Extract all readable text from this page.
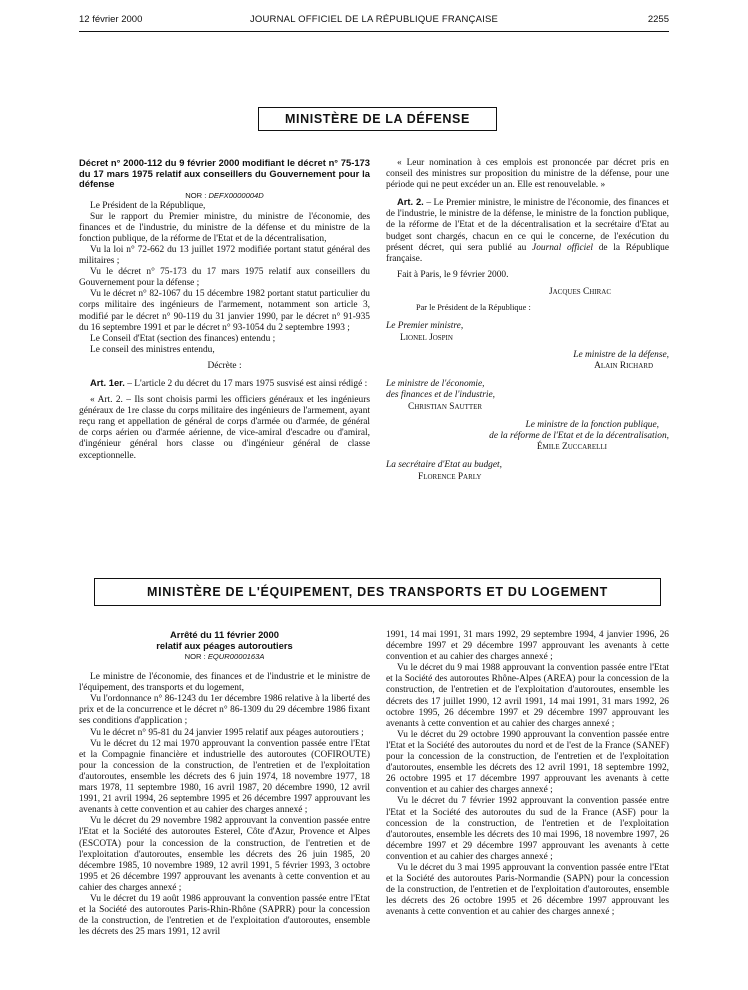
12 février 2000	JOURNAL OFFICIEL DE LA RÉPUBLIQUE FRANÇAISE	2255
MINISTÈRE DE LA DÉFENSE

Décret n° 2000-112 du 9 février 2000 modifiant le décret n° 75-173 du 17 mars 1975 relatif aux conseillers du Gouvernement pour la défense

NOR : DEFX0000004D

Le Président de la République,

Sur le rapport du Premier ministre, du ministre de l'économie, des finances et de l'industrie, du ministre de la défense et du ministre de la fonction publique, de la réforme de l'Etat et de la décentralisation,

Vu la loi n° 72-662 du 13 juillet 1972 modifiée portant statut général des militaires ;

Vu le décret n° 75-173 du 17 mars 1975 relatif aux conseillers du Gouvernement pour la défense ;

Vu le décret n° 82-1067 du 15 décembre 1982 portant statut particulier du corps militaire des ingénieurs de l'armement, notamment son article 3, modifié par le décret n° 90-119 du 31 janvier 1990, par le décret n° 91-935 du 16 septembre 1991 et par le décret n° 93-1054 du 2 septembre 1993 ;

Le Conseil d'Etat (section des finances) entendu ;

Le conseil des ministres entendu,

Décrète :

Art. 1er. – L'article 2 du décret du 17 mars 1975 susvisé est ainsi rédigé :

« Art. 2. – Ils sont choisis parmi les officiers généraux et les ingénieurs généraux de 1re classe du corps militaire des ingénieurs de l'armement, ayant reçu rang et appellation de général de corps d'armée ou d'armée, de général de corps aérien ou d'armée aérienne, de vice-amiral d'escadre ou d'amiral, d'ingénieur général hors classe ou d'ingénieur général de classe exceptionnelle.

« Leur nomination à ces emplois est prononcée par décret pris en conseil des ministres sur proposition du ministre de la défense, pour une période qui ne peut excéder un an. Elle est renouvelable. »

Art. 2. – Le Premier ministre, le ministre de l'économie, des finances et de l'industrie, le ministre de la défense, le ministre de la fonction publique, de la réforme de l'Etat et de la décentralisation et la secrétaire d'Etat au budget sont chargés, chacun en ce qui le concerne, de l'exécution du présent décret, qui sera publié au Journal officiel de la République française.

Fait à Paris, le 9 février 2000.

Jacques Chirac

Par le Président de la République :

Le Premier ministre,

Lionel Jospin

Le ministre de la défense,

Alain Richard

Le ministre de l'économie,

des finances et de l'industrie,

Christian Sautter

Le ministre de la fonction publique,

de la réforme de l'Etat et de la décentralisation,

Émile Zuccarelli

La secrétaire d'Etat au budget,

Florence Parly

MINISTÈRE DE L'ÉQUIPEMENT, DES TRANSPORTS ET DU LOGEMENT

Arrêté du 11 février 2000

relatif aux péages autoroutiers

NOR : EQUR0000163A

Le ministre de l'économie, des finances et de l'industrie et le ministre de l'équipement, des transports et du logement,

Vu l'ordonnance n° 86-1243 du 1er décembre 1986 relative à la liberté des prix et de la concurrence et le décret n° 86-1309 du 29 décembre 1986 fixant ses conditions d'application ;

Vu le décret n° 95-81 du 24 janvier 1995 relatif aux péages autoroutiers ;

Vu le décret du 12 mai 1970 approuvant la convention passée entre l'Etat et la Compagnie financière et industrielle des autoroutes (COFIROUTE) pour la concession de la construction, de l'entretien et de l'exploitation d'autoroutes, ensemble les décrets des 6 juin 1974, 18 novembre 1977, 18 mars 1978, 11 septembre 1980, 16 avril 1987, 20 décembre 1990, 12 avril 1991, 21 avril 1994, 26 septembre 1995 et 26 décembre 1997 approuvant les avenants à cette convention et au cahier des charges annexé ;

Vu le décret du 29 novembre 1982 approuvant la convention passée entre l'Etat et la Société des autoroutes Esterel, Côte d'Azur, Provence et Alpes (ESCOTA) pour la concession de la construction, de l'entretien et de l'exploitation d'autoroutes, ensemble les décrets des 26 juin 1985, 20 décembre 1985, 10 novembre 1989, 12 avril 1991, 5 février 1993, 3 octobre 1995 et 26 décembre 1997 approuvant les avenants à cette convention et au cahier des charges annexé ;

Vu le décret du 19 août 1986 approuvant la convention passée entre l'Etat et la Société des autoroutes Paris-Rhin-Rhône (SAPRR) pour la concession de la construction, de l'entretien et de l'exploitation d'autoroutes, ensemble les décrets des 25 mars 1991, 12 avril

1991, 14 mai 1991, 31 mars 1992, 29 septembre 1994, 4 janvier 1996, 26 décembre 1997 et 29 décembre 1997 approuvant les avenants à cette convention et au cahier des charges annexé ;

Vu le décret du 9 mai 1988 approuvant la convention passée entre l'Etat et la Société des autoroutes Rhône-Alpes (AREA) pour la concession de la construction, de l'entretien et de l'exploitation d'autoroutes, ensemble les décrets des 17 juillet 1990, 12 avril 1991, 14 mai 1991, 31 mars 1992, 26 octobre 1995, 26 décembre 1997 et 29 décembre 1997 approuvant les avenants à cette convention et au cahier des charges annexé ;

Vu le décret du 29 octobre 1990 approuvant la convention passée entre l'Etat et la Société des autoroutes du nord et de l'est de la France (SANEF) pour la concession de la construction, de l'entretien et de l'exploitation d'autoroutes, ensemble les décrets des 12 avril 1991, 18 septembre 1992, 26 octobre 1995 et 17 décembre 1997 approuvant les avenants à cette convention et au cahier des charges annexé ;

Vu le décret du 7 février 1992 approuvant la convention passée entre l'Etat et la Société des autoroutes du sud de la France (ASF) pour la concession de la construction, de l'entretien et de l'exploitation d'autoroutes, ensemble les décrets des 10 mai 1996, 18 novembre 1997, 26 décembre 1997 et 29 décembre 1997 approuvant les avenants à cette convention et au cahier des charges annexé ;

Vu le décret du 3 mai 1995 approuvant la convention passée entre l'Etat et la Société des autoroutes Paris-Normandie (SAPN) pour la concession de la construction, de l'entretien et de l'exploitation d'autoroutes, ensemble les décrets des 26 octobre 1995 et 26 décembre 1997 approuvant les avenants à cette convention et au cahier des charges annexé ;
